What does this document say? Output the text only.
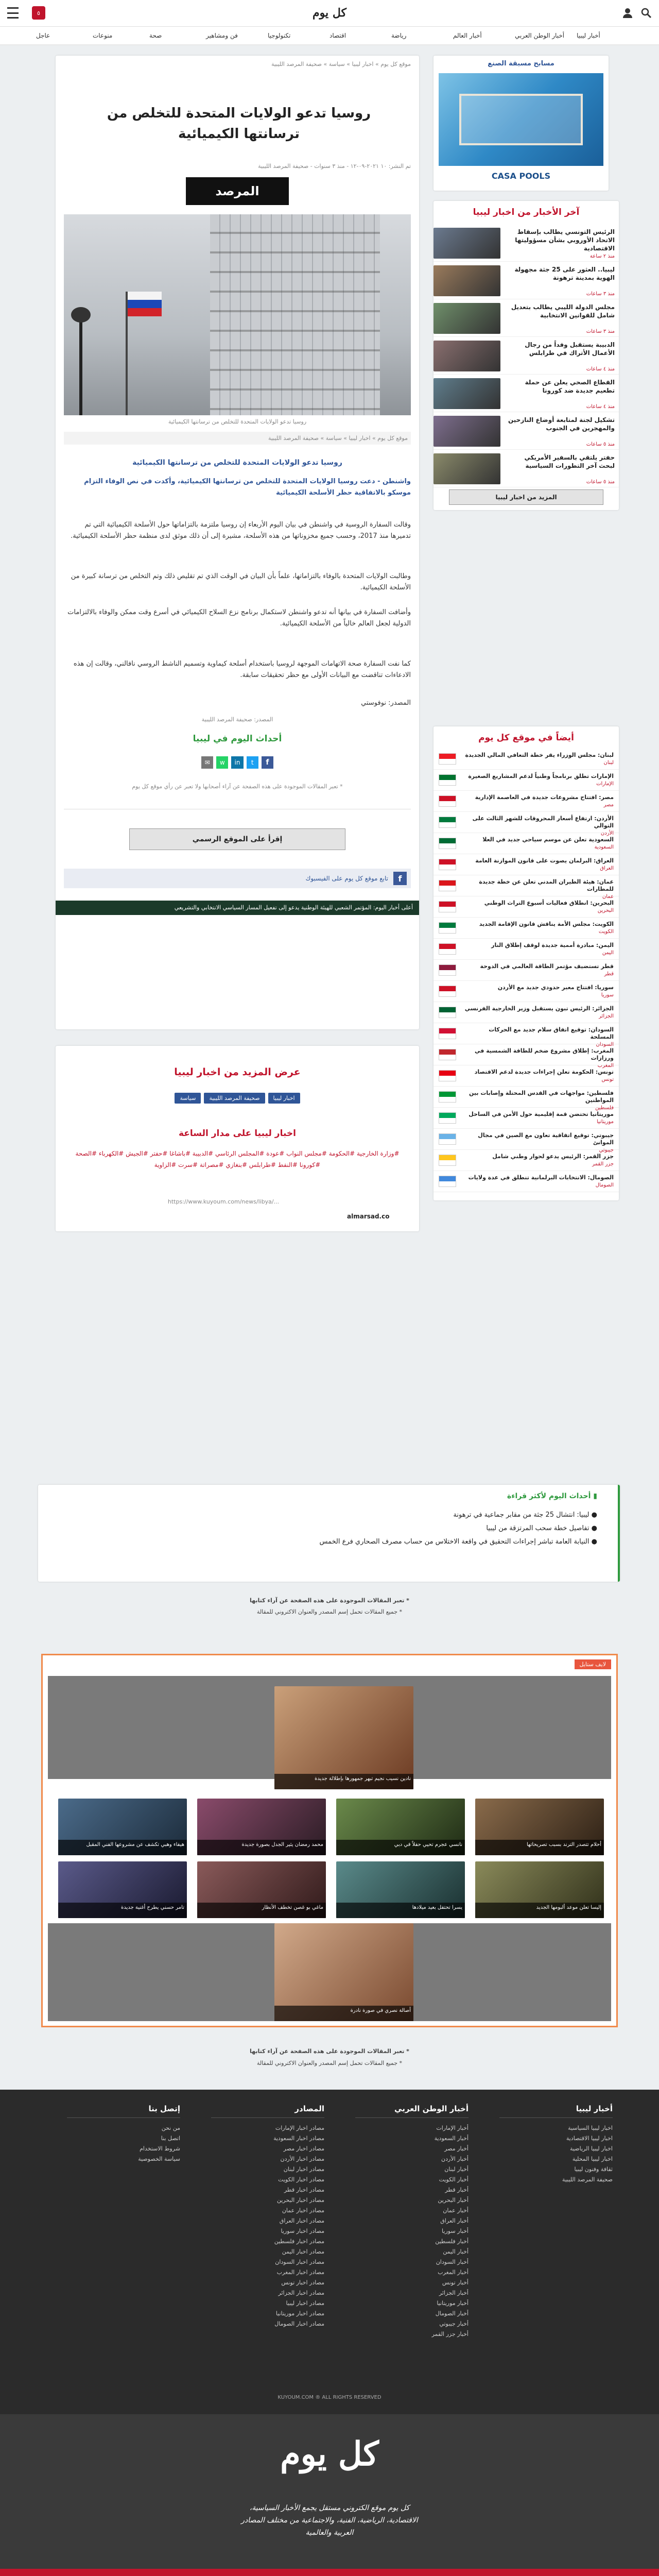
٥	كل يوم
أخبار ليبيا
أخبار الوطن العربي
أخبار العالم
رياضة
اقتصاد
تكنولوجيا
فن ومشاهير
صحة
منوعات
عاجل
موقع كل يوم » اخبار ليبيا » سياسة » صحيفة المرصد الليبية
روسيا تدعو الولايات المتحدة للتخلص من ترسانتها الكيميائية
تم النشر: ١٠ ٢٠٢١-٠٩-١٢ - منذ ٣ سنوات - صحيفة المرصد الليبية
المرصد
روسيا تدعو الولايات المتحدة للتخلص من ترسانتها الكيميائية
موقع كل يوم » اخبار ليبيا » سياسة » صحيفة المرصد الليبية
روسيا تدعو الولايات المتحدة للتخلص من ترسانتها الكيميائية
واشنطن - دعت روسيا الولايات المتحدة للتخلص من ترسانتها الكيميائية، وأكدت في نص الوفاء التزام موسكو بالاتفاقية حظر الأسلحة الكيميائية
وقالت السفارة الروسية في واشنطن في بيان اليوم الأربعاء إن روسيا ملتزمة بالتزاماتها حول الأسلحة الكيميائية التي تم تدميرها منذ 2017، وحسب جميع مخزوناتها من هذه الأسلحة، مشيرة إلى أن ذلك موثق لدى منظمة حظر الأسلحة الكيميائية.
وطالبت الولايات المتحدة بالوفاء بالتزاماتها، علماً بأن البيان في الوقت الذي تم تقليص ذلك وتم التخلص من ترسانة كبيرة من الأسلحة الكيميائية.
وأضافت السفارة في بيانها أنه تدعو واشنطن لاستكمال برنامج نزع السلاح الكيميائي في أسرع وقت ممكن والوفاء بالالتزامات الدولية لجعل العالم خالياً من الأسلحة الكيميائية.
كما نفت السفارة صحة الاتهامات الموجهة لروسيا باستخدام أسلحة كيماوية وتسميم الناشط الروسي نافالني، وقالت إن هذه الادعاءات تناقضت مع البيانات الأولى مع حظر تحقيقات سابقة.
المصدر: نوفوستي
المصدر: صحيفة المرصد الليبية
أحداث اليوم في ليبيا
f
t
in
w
✉
* تعبر المقالات الموجودة على هذه الصفحة عن آراء أصحابها ولا تعبر عن رأي موقع كل يوم
إقرأ على الموقع الرسمي
f
تابع موقع كل يوم على الفيسبوك
أعلى أخبار اليوم: المؤتمر الشعبي للهيئة الوطنية يدعو إلى تفعيل المسار السياسي الانتخابي والتشريعي
عرض المزيد من اخبار ليبيا
اخبار ليبياصحيفة المرصد الليبيةسياسة
اخبار ليبيا على مدار الساعة
#وزارة الخارجية #الحكومة #مجلس النواب #عودة #المجلس الرئاسي #الدبيبة #باشاغا #حفتر #الجيش #الكهرباء #الصحة #كورونا #النفط #طرابلس #بنغازي #مصراتة #سرت #الزاوية
https://www.kuyoum.com/news/libya/...
almarsad.co
مسابح مسبقة الصنع
CASA POOLS
آخر الأخبار من اخبار ليبيا
الرئيس التونسي يطالب بإسقاط الاتحاد الأوروبي بشأن مسؤوليتها الاقتصادية
منذ ٢ ساعة
ليبيا.. العثور على 25 جثة مجهولة الهوية بمدينة ترهونة
منذ ٣ ساعات
مجلس الدولة الليبي يطالب بتعديل شامل للقوانين الانتخابية
منذ ٣ ساعات
الدبيبة يستقبل وفداً من رجال الأعمال الأتراك في طرابلس
منذ ٤ ساعات
القطاع الصحي يعلن عن حملة تطعيم جديدة ضد كورونا
منذ ٤ ساعات
تشكيل لجنة لمتابعة أوضاع النازحين والمهجرين في الجنوب
منذ ٥ ساعات
حفتر يلتقي بالسفير الأمريكي لبحث آخر التطورات السياسية
منذ ٥ ساعات
المزيد من اخبار ليبيا
أيضاً في موقع كل يوم
لبنان: مجلس الوزراء يقر خطة التعافي المالي الجديدة
لبنان
الإمارات تطلق برنامجاً وطنياً لدعم المشاريع الصغيرة
الإمارات
مصر: افتتاح مشروعات جديدة في العاصمة الإدارية
مصر
الأردن: ارتفاع أسعار المحروقات للشهر الثالث على التوالي
الأردن
السعودية تعلن عن موسم سياحي جديد في العلا
السعودية
العراق: البرلمان يصوت على قانون الموازنة العامة
العراق
عمان: هيئة الطيران المدني تعلن عن خطة جديدة للمطارات
عمان
البحرين: انطلاق فعاليات أسبوع التراث الوطني
البحرين
الكويت: مجلس الأمة يناقش قانون الإقامة الجديد
الكويت
اليمن: مبادرة أممية جديدة لوقف إطلاق النار
اليمن
قطر تستضيف مؤتمر الطاقة العالمي في الدوحة
قطر
سوريا: افتتاح معبر حدودي جديد مع الأردن
سوريا
الجزائر: الرئيس تبون يستقبل وزير الخارجية الفرنسي
الجزائر
السودان: توقيع اتفاق سلام جديد مع الحركات المسلحة
السودان
المغرب: إطلاق مشروع ضخم للطاقة الشمسية في ورزازات
المغرب
تونس: الحكومة تعلن إجراءات جديدة لدعم الاقتصاد
تونس
فلسطين: مواجهات في القدس المحتلة وإصابات بين المواطنين
فلسطين
موريتانيا تحتضن قمة إقليمية حول الأمن في الساحل
موريتانيا
جيبوتي: توقيع اتفاقية تعاون مع الصين في مجال الموانئ
جيبوتي
جزر القمر: الرئيس يدعو لحوار وطني شامل
جزر القمر
الصومال: الانتخابات البرلمانية تنطلق في عدة ولايات
الصومال
▮ أحداث اليوم لأكثر قراءة
● ليبيا: انتشال 25 جثة من مقابر جماعية في ترهونة
● تفاصيل خطة سحب المرتزقة من ليبيا
● النيابة العامة تباشر إجراءات التحقيق في واقعة الاختلاس من حساب مصرف الصحاري فرع الخمس
* تعبر المقالات الموجودة على هذه الصفحة عن آراء كتابها
* جميع المقالات تحمل إسم المصدر والعنوان الاكتروني للمقالة
لايف ستايل
نادين نسيب نجيم تبهر جمهورها بإطلالة جديدة
أصالة نصري في صورة نادرة
هيفاء وهبي تكشف عن مشروعها الفني المقبل	محمد رمضان يثير الجدل بصورة جديدة	نانسي عجرم تحيي حفلاً في دبي	أحلام تتصدر الترند بسبب تصريحاتها
تامر حسني يطرح أغنية جديدة	ماغي بو غصن تخطف الأنظار	يسرا تحتفل بعيد ميلادها	إليسا تعلن موعد ألبومها الجديد
* تعبر المقالات الموجودة على هذه الصفحة عن آراء كتابها
* جميع المقالات تحمل إسم المصدر والعنوان الاكتروني للمقالة
أخبار ليبيا
اخبار ليبيا السياسية
اخبار ليبيا الاقتصادية
اخبار ليبيا الرياضية
اخبار ليبيا المحلية
ثقافة وفنون ليبيا
صحيفة المرصد الليبية
أخبار الوطن العربي
أخبار الإمارات
أخبار السعودية
أخبار مصر
أخبار الأردن
أخبار لبنان
أخبار الكويت
أخبار قطر
أخبار البحرين
أخبار عمان
أخبار العراق
أخبار سوريا
أخبار فلسطين
أخبار اليمن
أخبار السودان
أخبار المغرب
أخبار تونس
أخبار الجزائر
أخبار موريتانيا
أخبار الصومال
أخبار جيبوتي
أخبار جزر القمر
المصادر
مصادر اخبار الإمارات
مصادر اخبار السعودية
مصادر اخبار مصر
مصادر اخبار الأردن
مصادر اخبار لبنان
مصادر اخبار الكويت
مصادر اخبار قطر
مصادر اخبار البحرين
مصادر اخبار عمان
مصادر اخبار العراق
مصادر اخبار سوريا
مصادر اخبار فلسطين
مصادر اخبار اليمن
مصادر اخبار السودان
مصادر اخبار المغرب
مصادر اخبار تونس
مصادر اخبار الجزائر
مصادر اخبار ليبيا
مصادر اخبار موريتانيا
مصادر اخبار الصومال
إتصل بنا
من نحن
اتصل بنا
شروط الاستخدام
سياسة الخصوصية
KUYOUM.COM ® ALL RIGHTS RESERVED
كل يوم
كل يوم موقع الكتروني مستقل يجمع الأخبار السياسية، الاقتصادية، الرياضية، الفنية، والاجتماعية من مختلف المصادر العربية والعالمية
